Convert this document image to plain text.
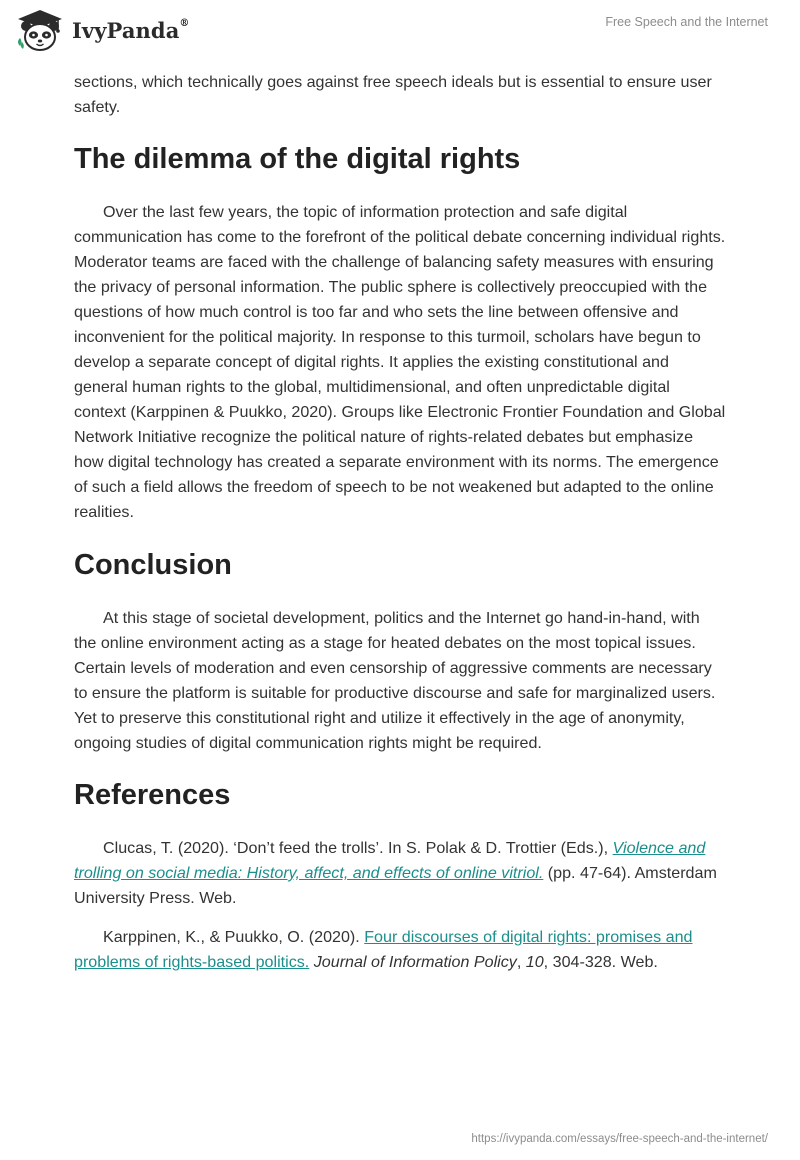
IvyPanda®	Free Speech and the Internet

sections, which technically goes against free speech ideals but is essential to ensure user safety.

The dilemma of the digital rights

Over the last few years, the topic of information protection and safe digital communication has come to the forefront of the political debate concerning individual rights. Moderator teams are faced with the challenge of balancing safety measures with ensuring the privacy of personal information. The public sphere is collectively preoccupied with the questions of how much control is too far and who sets the line between offensive and inconvenient for the political majority. In response to this turmoil, scholars have begun to develop a separate concept of digital rights. It applies the existing constitutional and general human rights to the global, multidimensional, and often unpredictable digital context (Karppinen & Puukko, 2020). Groups like Electronic Frontier Foundation and Global Network Initiative recognize the political nature of rights-related debates but emphasize how digital technology has created a separate environment with its norms. The emergence of such a field allows the freedom of speech to be not weakened but adapted to the online realities.

Conclusion

At this stage of societal development, politics and the Internet go hand-in-hand, with the online environment acting as a stage for heated debates on the most topical issues. Certain levels of moderation and even censorship of aggressive comments are necessary to ensure the platform is suitable for productive discourse and safe for marginalized users. Yet to preserve this constitutional right and utilize it effectively in the age of anonymity, ongoing studies of digital communication rights might be required.

References

Clucas, T. (2020). ‘Don’t feed the trolls’. In S. Polak & D. Trottier (Eds.), Violence and trolling on social media: History, affect, and effects of online vitriol. (pp. 47-64). Amsterdam University Press. Web.

Karppinen, K., & Puukko, O. (2020). Four discourses of digital rights: promises and problems of rights-based politics. Journal of Information Policy, 10, 304-328. Web.

https://ivypanda.com/essays/free-speech-and-the-internet/
